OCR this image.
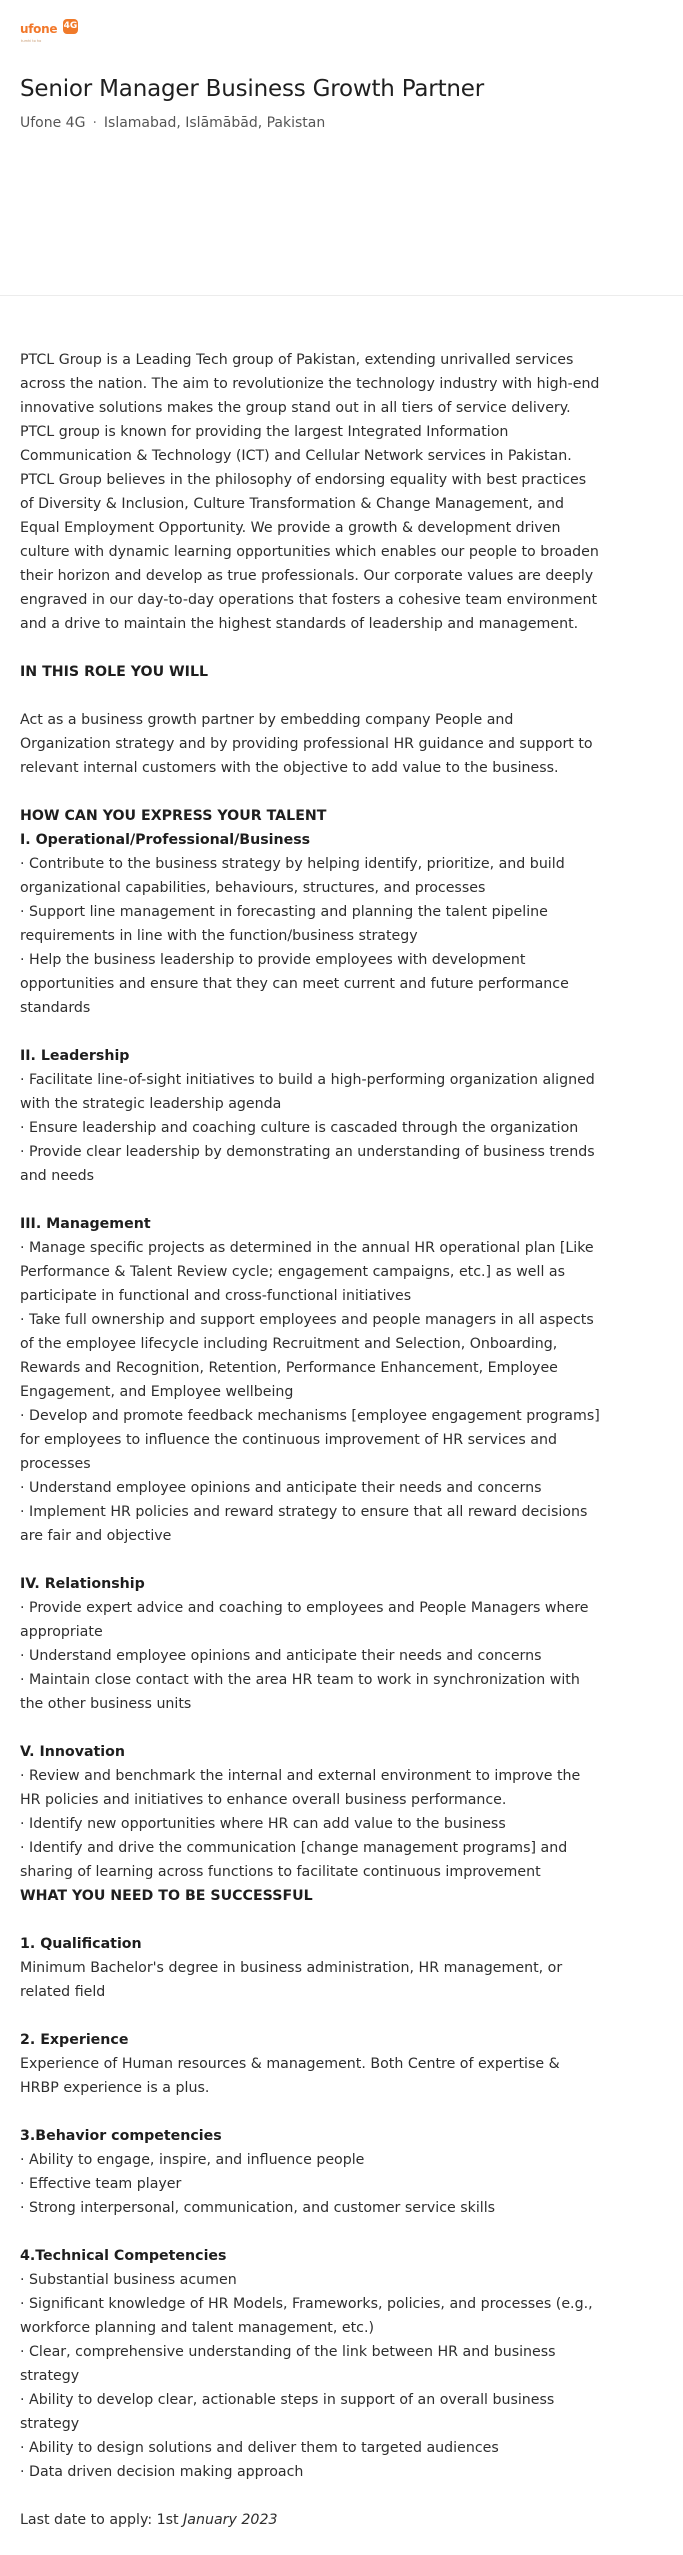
ufone 4G
tumhi to ho
Senior Manager Business Growth Partner
Ufone 4G · Islamabad, Islāmābād, Pakistan

PTCL Group is a Leading Tech group of Pakistan, extending unrivalled services across the nation. The aim to revolutionize the technology industry with high-end innovative solutions makes the group stand out in all tiers of service delivery. PTCL group is known for providing the largest Integrated Information Communication & Technology (ICT) and Cellular Network services in Pakistan. PTCL Group believes in the philosophy of endorsing equality with best practices of Diversity & Inclusion, Culture Transformation & Change Management, and Equal Employment Opportunity. We provide a growth & development driven culture with dynamic learning opportunities which enables our people to broaden their horizon and develop as true professionals. Our corporate values are deeply engraved in our day-to-day operations that fosters a cohesive team environment and a drive to maintain the highest standards of leadership and management.

IN THIS ROLE YOU WILL

Act as a business growth partner by embedding company People and Organization strategy and by providing professional HR guidance and support to relevant internal customers with the objective to add value to the business.

HOW CAN YOU EXPRESS YOUR TALENT
I. Operational/Professional/Business
· Contribute to the business strategy by helping identify, prioritize, and build organizational capabilities, behaviours, structures, and processes
· Support line management in forecasting and planning the talent pipeline requirements in line with the function/business strategy
· Help the business leadership to provide employees with development opportunities and ensure that they can meet current and future performance standards
II. Leadership
· Facilitate line-of-sight initiatives to build a high-performing organization aligned with the strategic leadership agenda
· Ensure leadership and coaching culture is cascaded through the organization
· Provide clear leadership by demonstrating an understanding of business trends and needs
III. Management
· Manage specific projects as determined in the annual HR operational plan [Like Performance & Talent Review cycle; engagement campaigns, etc.] as well as participate in functional and cross-functional initiatives
· Take full ownership and support employees and people managers in all aspects of the employee lifecycle including Recruitment and Selection, Onboarding, Rewards and Recognition, Retention, Performance Enhancement, Employee Engagement, and Employee wellbeing
· Develop and promote feedback mechanisms [employee engagement programs] for employees to influence the continuous improvement of HR services and processes
· Understand employee opinions and anticipate their needs and concerns
· Implement HR policies and reward strategy to ensure that all reward decisions are fair and objective
IV. Relationship
· Provide expert advice and coaching to employees and People Managers where appropriate
· Understand employee opinions and anticipate their needs and concerns
· Maintain close contact with the area HR team to work in synchronization with the other business units
V. Innovation
· Review and benchmark the internal and external environment to improve the HR policies and initiatives to enhance overall business performance.
· Identify new opportunities where HR can add value to the business
· Identify and drive the communication [change management programs] and sharing of learning across functions to facilitate continuous improvement
WHAT YOU NEED TO BE SUCCESSFUL
1. Qualification
Minimum Bachelor's degree in business administration, HR management, or related field
2. Experience
Experience of Human resources & management. Both Centre of expertise & HRBP experience is a plus.
3.Behavior competencies
· Ability to engage, inspire, and influence people
· Effective team player
· Strong interpersonal, communication, and customer service skills
4.Technical Competencies
· Substantial business acumen
· Significant knowledge of HR Models, Frameworks, policies, and processes (e.g., workforce planning and talent management, etc.)
· Clear, comprehensive understanding of the link between HR and business strategy
· Ability to develop clear, actionable steps in support of an overall business strategy
· Ability to design solutions and deliver them to targeted audiences
· Data driven decision making approach

Last date to apply: 1st January 2023
